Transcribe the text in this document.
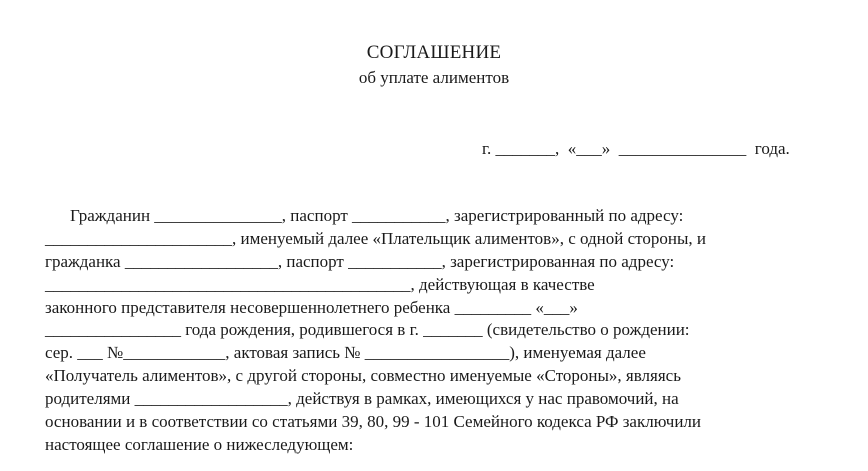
СОГЛАШЕНИЕ
об уплате алиментов
г. _______,  «___»  _______________  года.
Гражданин _______________, паспорт ___________, зарегистрированный по адресу:
______________________, именуемый далее «Плательщик алиментов», с одной стороны, и
гражданка __________________, паспорт ___________, зарегистрированная по адресу:
___________________________________________, действующая в качестве
законного представителя несовершеннолетнего ребенка _________ «___»
________________ года рождения, родившегося в г. _______ (свидетельство о рождении:
сер. ___ №____________, актовая запись № _________________), именуемая далее
«Получатель алиментов», с другой стороны, совместно именуемые «Стороны», являясь
родителями __________________, действуя в рамках, имеющихся у нас правомочий, на
основании и в соответствии со статьями 39, 80, 99 - 101 Семейного кодекса РФ заключили
настоящее соглашение о нижеследующем:
